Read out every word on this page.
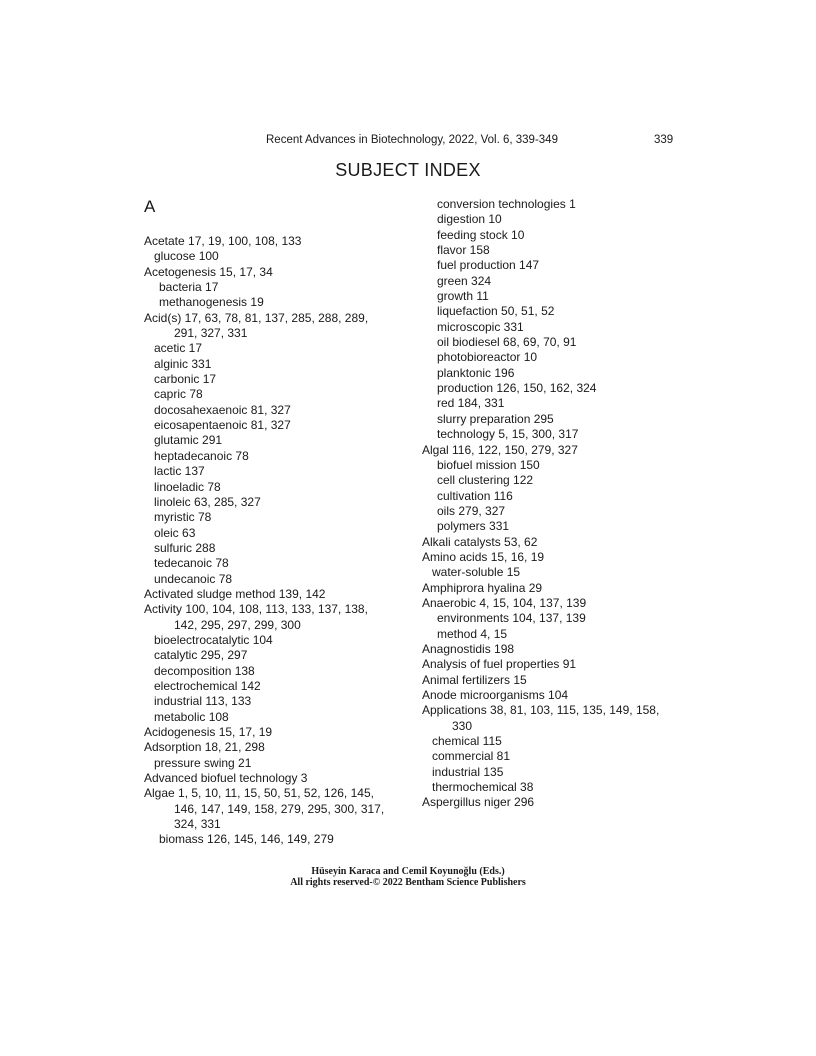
Recent Advances in Biotechnology, 2022, Vol. 6, 339-349	339
SUBJECT INDEX
A
Acetate 17, 19, 100, 108, 133
glucose 100
Acetogenesis 15, 17, 34
bacteria 17
methanogenesis 19
Acid(s) 17, 63, 78, 81, 137, 285, 288, 289,
291, 327, 331
acetic 17
alginic 331
carbonic 17
capric 78
docosahexaenoic 81, 327
eicosapentaenoic 81, 327
glutamic 291
heptadecanoic 78
lactic 137
linoeladic 78
linoleic 63, 285, 327
myristic 78
oleic 63
sulfuric 288
tedecanoic 78
undecanoic 78
Activated sludge method 139, 142
Activity 100, 104, 108, 113, 133, 137, 138,
142, 295, 297, 299, 300
bioelectrocatalytic 104
catalytic 295, 297
decomposition 138
electrochemical 142
industrial 113, 133
metabolic 108
Acidogenesis 15, 17, 19
Adsorption 18, 21, 298
pressure swing 21
Advanced biofuel technology 3
Algae 1, 5, 10, 11, 15, 50, 51, 52, 126, 145,
146, 147, 149, 158, 279, 295, 300, 317,
324, 331
biomass 126, 145, 146, 149, 279
conversion technologies 1
digestion 10
feeding stock 10
flavor 158
fuel production 147
green 324
growth 11
liquefaction 50, 51, 52
microscopic 331
oil biodiesel 68, 69, 70, 91
photobioreactor 10
planktonic 196
production 126, 150, 162, 324
red 184, 331
slurry preparation 295
technology 5, 15, 300, 317
Algal 116, 122, 150, 279, 327
biofuel mission 150
cell clustering 122
cultivation 116
oils 279, 327
polymers 331
Alkali catalysts 53, 62
Amino acids 15, 16, 19
water-soluble 15
Amphiprora hyalina 29
Anaerobic 4, 15, 104, 137, 139
environments 104, 137, 139
method 4, 15
Anagnostidis 198
Analysis of fuel properties 91
Animal fertilizers 15
Anode microorganisms 104
Applications 38, 81, 103, 115, 135, 149, 158,
330
chemical 115
commercial 81
industrial 135
thermochemical 38
Aspergillus niger 296
Hüseyin Karaca and Cemil Koyunoğlu (Eds.)
All rights reserved-© 2022 Bentham Science Publishers
